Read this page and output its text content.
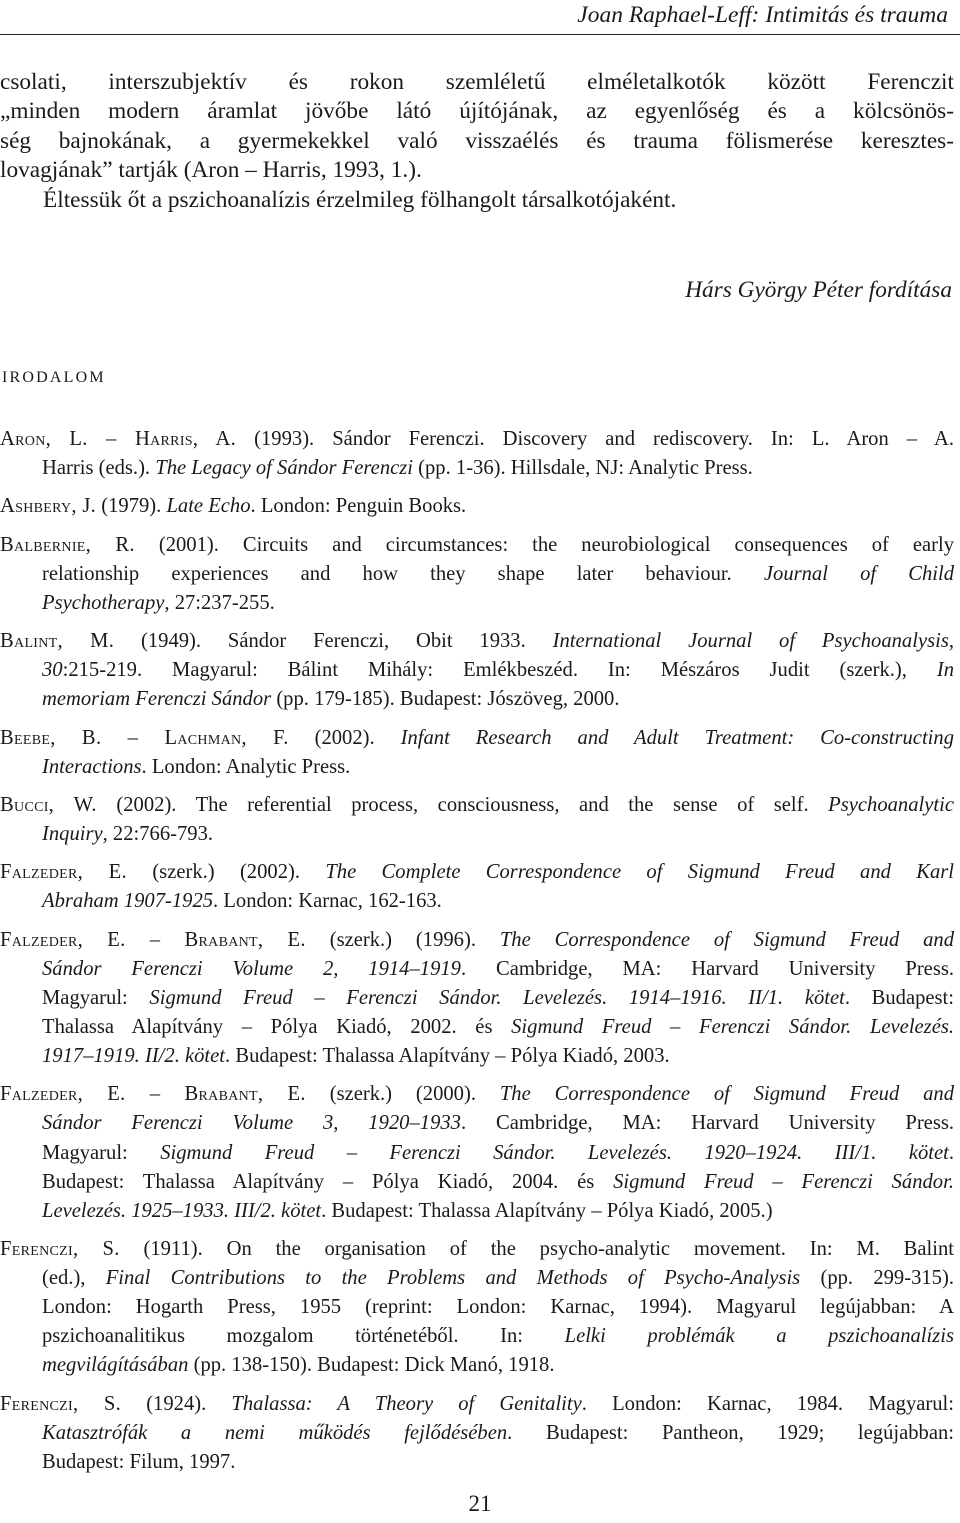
Joan Raphael-Leff: Intimitás és trauma
csolati, interszubjektív és rokon szemléletű elméletalkotók között Ferenczit
„minden modern áramlat jövőbe látó újítójának, az egyenlőség és a kölcsönös-
ség bajnokának, a gyermekekkel való visszaélés és trauma fölismerése keresztes-
lovagjának” tartják (Aron – Harris, 1993, 1.).
Éltessük őt a pszichoanalízis érzelmileg fölhangolt társalkotójaként.
Hárs György Péter fordítása
irodalom
Aron, L. – Harris, A. (1993). Sándor Ferenczi. Discovery and rediscovery. In: L. Aron – A.
Harris (eds.). The Legacy of Sándor Ferenczi (pp. 1-36). Hillsdale, NJ: Analytic Press.
Ashbery, J. (1979). Late Echo. London: Penguin Books.
Balbernie, R. (2001). Circuits and circumstances: the neurobiological consequences of early
relationship experiences and how they shape later behaviour. Journal of Child
Psychotherapy, 27:237-255.
Balint, M. (1949). Sándor Ferenczi, Obit 1933. International Journal of Psychoanalysis,
30:215-219. Magyarul: Bálint Mihály: Emlékbeszéd. In: Mészáros Judit (szerk.), In
memoriam Ferenczi Sándor (pp. 179-185). Budapest: Jószöveg, 2000.
Beebe, B. – Lachman, F. (2002). Infant Research and Adult Treatment: Co-constructing
Interactions. London: Analytic Press.
Bucci, W. (2002). The referential process, consciousness, and the sense of self. Psychoanalytic
Inquiry, 22:766-793.
Falzeder, E. (szerk.) (2002). The Complete Correspondence of Sigmund Freud and Karl
Abraham 1907-1925. London: Karnac, 162-163.
Falzeder, E. – Brabant, E. (szerk.) (1996). The Correspondence of Sigmund Freud and
Sándor Ferenczi Volume 2, 1914–1919. Cambridge, MA: Harvard University Press.
Magyarul: Sigmund Freud – Ferenczi Sándor. Levelezés. 1914–1916. II/1. kötet. Budapest:
Thalassa Alapítvány – Pólya Kiadó, 2002. és Sigmund Freud – Ferenczi Sándor. Levelezés.
1917–1919. II/2. kötet. Budapest: Thalassa Alapítvány – Pólya Kiadó, 2003.
Falzeder, E. – Brabant, E. (szerk.) (2000). The Correspondence of Sigmund Freud and
Sándor Ferenczi Volume 3, 1920–1933. Cambridge, MA: Harvard University Press.
Magyarul: Sigmund Freud – Ferenczi Sándor. Levelezés. 1920–1924. III/1. kötet.
Budapest: Thalassa Alapítvány – Pólya Kiadó, 2004. és Sigmund Freud – Ferenczi Sándor.
Levelezés. 1925–1933. III/2. kötet. Budapest: Thalassa Alapítvány – Pólya Kiadó, 2005.)
Ferenczi, S. (1911). On the organisation of the psycho-analytic movement. In: M. Balint
(ed.), Final Contributions to the Problems and Methods of Psycho-Analysis (pp. 299-315).
London: Hogarth Press, 1955 (reprint: London: Karnac, 1994). Magyarul legújabban: A
pszichoanalitikus mozgalom történetéből. In: Lelki problémák a pszichoanalízis
megvilágításában (pp. 138-150). Budapest: Dick Manó, 1918.
Ferenczi, S. (1924). Thalassa: A Theory of Genitality. London: Karnac, 1984. Magyarul:
Katasztrófák a nemi működés fejlődésében. Budapest: Pantheon, 1929; legújabban:
Budapest: Filum, 1997.
21
